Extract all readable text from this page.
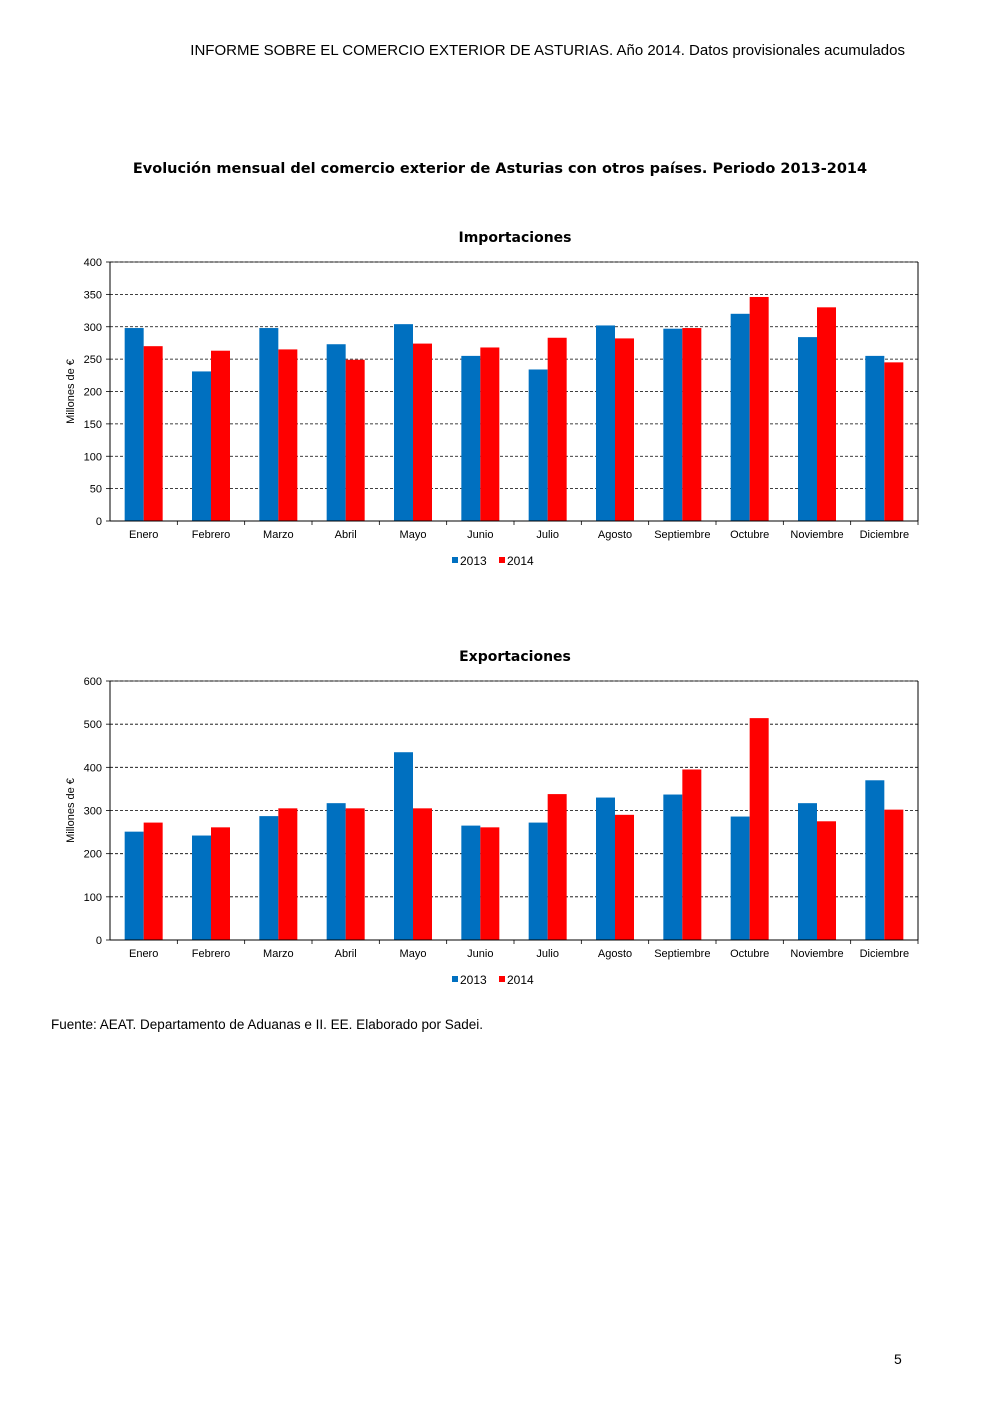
INFORME SOBRE EL COMERCIO EXTERIOR DE ASTURIAS. Año 2014. Datos provisionales acumulados
Evolución mensual del comercio exterior de Asturias con otros países. Periodo 2013-2014
Importaciones
0
50
100
150
200
250
300
350
400
Enero	Febrero	Marzo	Abril	Mayo	Junio	Julio	Agosto Septiembre Octubre Noviembre Diciembre
Millones de €
2013 2014
Exportaciones
0
100
200
300
400
500
600
Enero	Febrero	Marzo	Abril	Mayo	Junio	Julio	Agosto Septiembre Octubre Noviembre Diciembre
Millones de €
2013 2014
Fuente: AEAT. Departamento de Aduanas e II. EE. Elaborado por Sadei.
5
